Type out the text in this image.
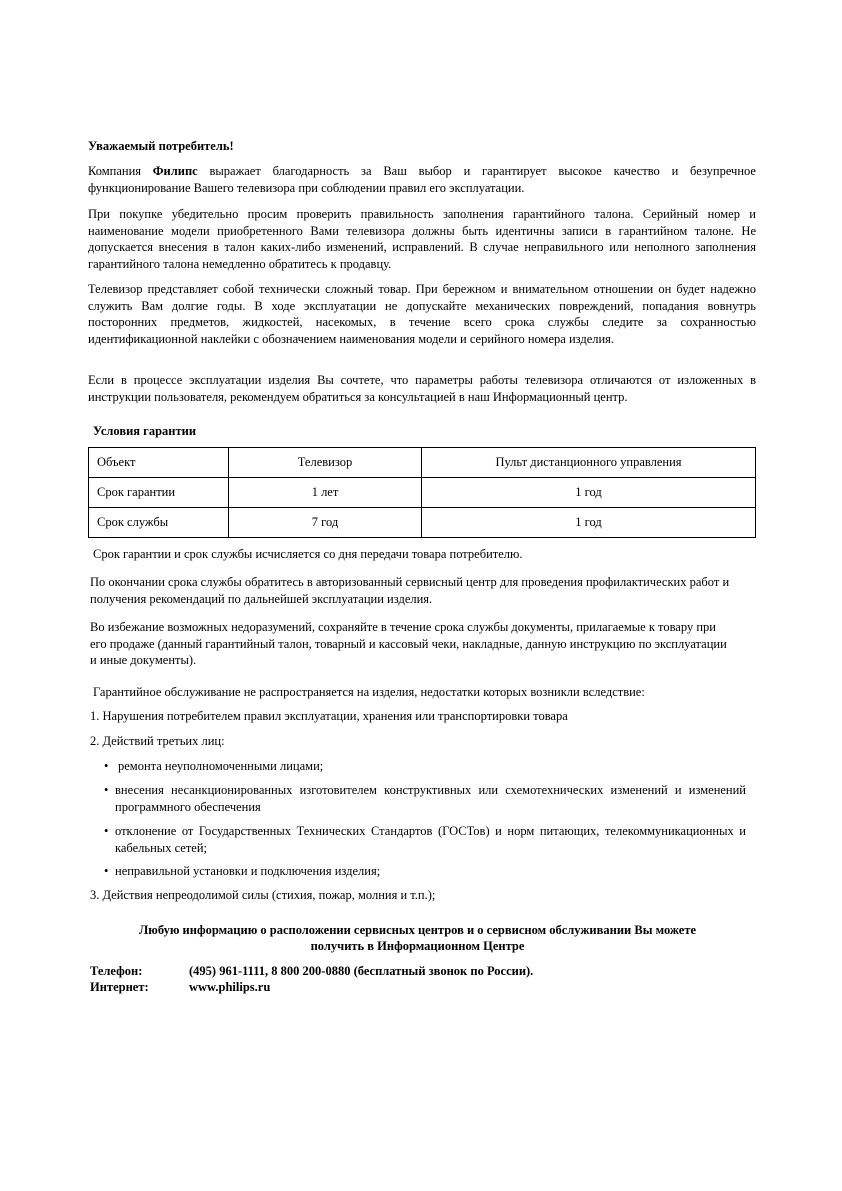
Уважаемый потребитель!
Компания Филипс выражает благодарность за Ваш выбор и гарантирует высокое качество и безупречное функционирование Вашего телевизора при соблюдении правил его эксплуатации.
При покупке убедительно просим проверить правильность заполнения гарантийного талона. Серийный номер и наименование модели приобретенного Вами телевизора должны быть идентичны записи в гарантийном талоне. Не допускается внесения в талон каких-либо изменений, исправлений. В случае неправильного или неполного заполнения гарантийного талона немедленно обратитесь к продавцу.
Телевизор представляет собой технически сложный товар. При бережном и внимательном отношении он будет надежно служить Вам долгие годы. В ходе эксплуатации не допускайте механических повреждений, попадания вовнутрь посторонних предметов, жидкостей, насекомых, в течение всего срока службы следите за сохранностью идентификационной наклейки с обозначением наименования модели и серийного номера изделия.
Если в процессе эксплуатации изделия Вы сочтете, что параметры работы телевизора отличаются от изложенных в инструкции пользователя, рекомендуем обратиться за консультацией в наш Информационный центр.
Условия гарантии
Объект	Телевизор	Пульт дистанционного управления
Срок гарантии	1 лет	1 год
Срок службы	7 год	1 год
Срок гарантии и срок службы исчисляется со дня передачи товара потребителю.
По окончании срока службы обратитесь в авторизованный сервисный центр для проведения профилактических работ и получения рекомендаций по дальнейшей эксплуатации изделия.
Во избежание возможных недоразумений, сохраняйте в течение срока службы документы, прилагаемые к товару при его продаже (данный гарантийный талон, товарный и кассовый чеки, накладные, данную инструкцию по эксплуатации и иные документы).
Гарантийное обслуживание не распространяется на изделия, недостатки которых возникли вследствие:
1. Нарушения потребителем правил эксплуатации, хранения или транспортировки товара
2. Действий третьих лиц:
• ремонта неуполномоченными лицами;
• внесения несанкционированных изготовителем конструктивных или схемотехнических изменений и изменений программного обеспечения
• отклонение от Государственных Технических Стандартов (ГОСТов) и норм питающих, телекоммуникационных и кабельных сетей;
• неправильной установки и подключения изделия;
3. Действия непреодолимой силы (стихия, пожар, молния и т.п.);
Любую информацию о расположении сервисных центров и о сервисном обслуживании Вы можете
получить в Информационном Центре
Телефон:	(495) 961-1111, 8 800 200-0880 (бесплатный звонок по России).
Интернет:	www.philips.ru
